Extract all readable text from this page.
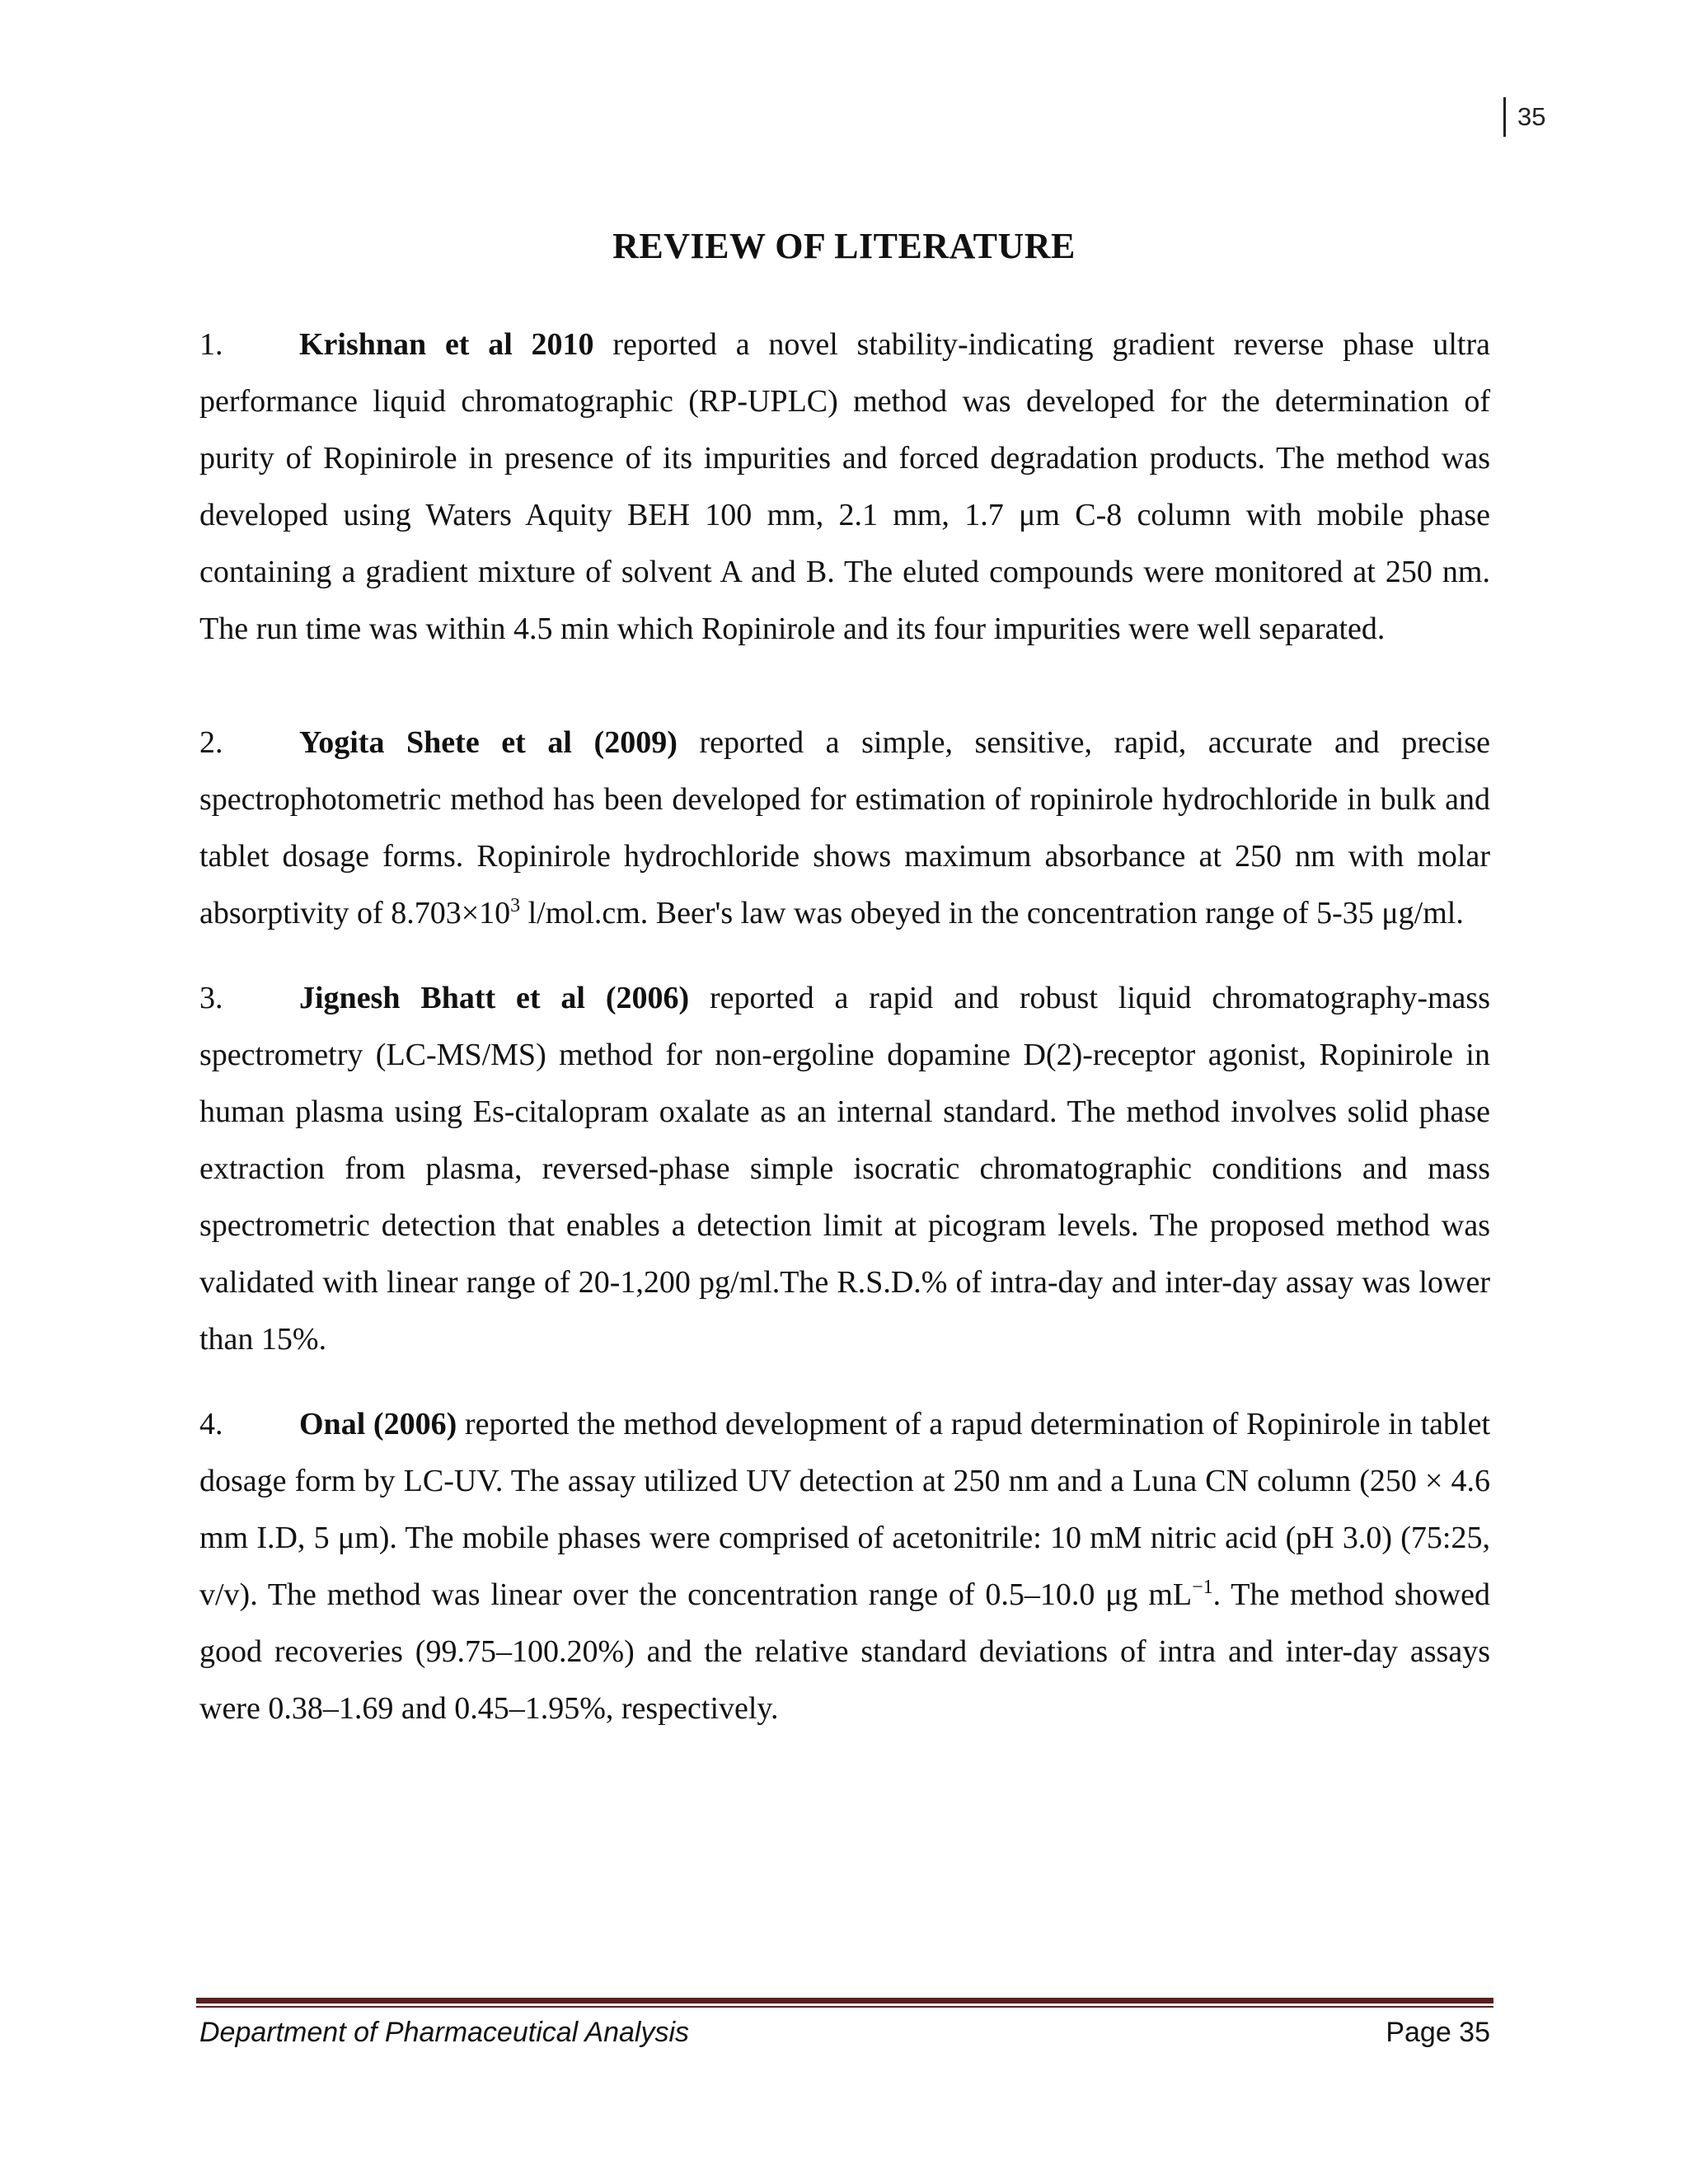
35
REVIEW OF LITERATURE

1. Krishnan et al 2010 reported a novel stability-indicating gradient reverse phase ultra performance liquid chromatographic (RP-UPLC) method was developed for the determination of purity of Ropinirole in presence of its impurities and forced degradation products. The method was developed using Waters Aquity BEH 100 mm, 2.1 mm, 1.7 μm C-8 column with mobile phase containing a gradient mixture of solvent A and B. The eluted compounds were monitored at 250 nm. The run time was within 4.5 min which Ropinirole and its four impurities were well separated.

2. Yogita Shete et al (2009) reported a simple, sensitive, rapid, accurate and precise spectrophotometric method has been developed for estimation of ropinirole hydrochloride in bulk and tablet dosage forms. Ropinirole hydrochloride shows maximum absorbance at 250 nm with molar absorptivity of $8.703\times 10^3$ l/mol.cm. Beer's law was obeyed in the concentration range of 5-35 μg/ml.

3. Jignesh Bhatt et al (2006) reported a rapid and robust liquid chromatography-mass spectrometry (LC-MS/MS) method for non-ergoline dopamine D(2)-receptor agonist, Ropinirole in human plasma using Es-citalopram oxalate as an internal standard. The method involves solid phase extraction from plasma, reversed-phase simple isocratic chromatographic conditions and mass spectrometric detection that enables a detection limit at picogram levels. The proposed method was validated with linear range of 20-1,200 pg/ml.The R.S.D.% of intra-day and inter-day assay was lower than 15%.

4. Onal (2006) reported the method development of a rapud determination of Ropinirole in tablet dosage form by LC-UV. The assay utilized UV detection at 250 nm and a Luna CN column (250 × 4.6 mm I.D, 5 μm). The mobile phases were comprised of acetonitrile: 10 mM nitric acid (pH 3.0) (75:25, v/v). The method was linear over the concentration range of 0.5–10.0 μg $mL^{-1}$. The method showed good recoveries (99.75–100.20%) and the relative standard deviations of intra and inter-day assays were 0.38–1.69 and 0.45–1.95%, respectively.

Department of Pharmaceutical Analysis	Page 35
